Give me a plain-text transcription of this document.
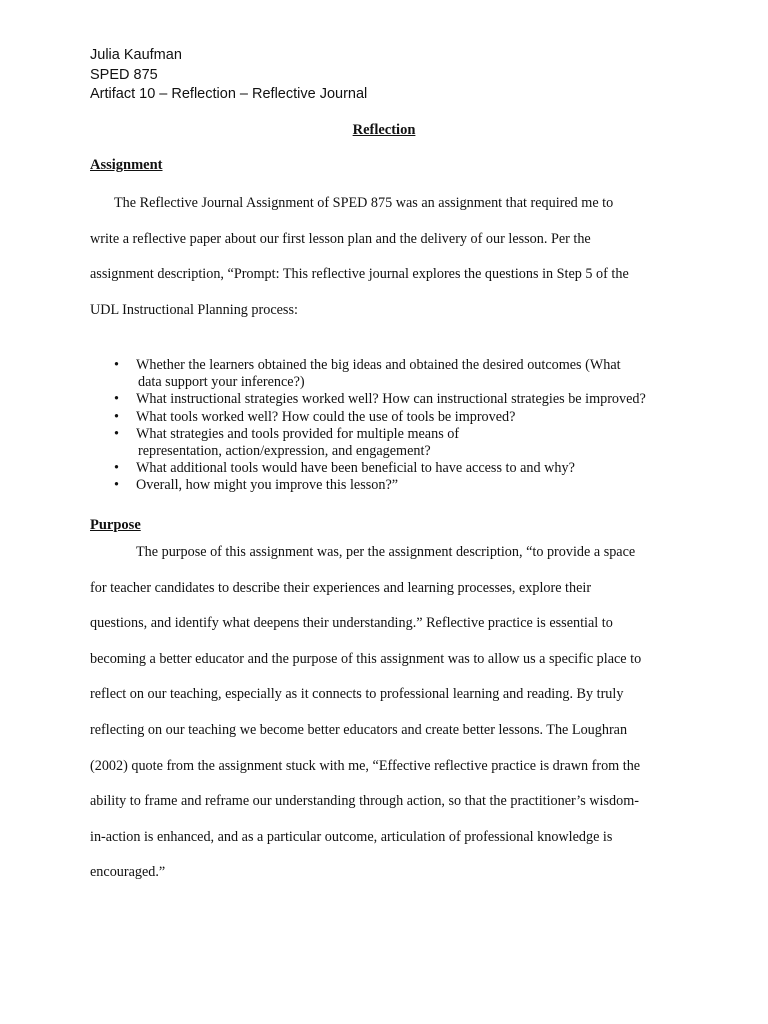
Julia Kaufman
SPED 875
Artifact 10 – Reflection – Reflective Journal
Reflection
Assignment
The Reflective Journal Assignment of SPED 875 was an assignment that required me to
write a reflective paper about our first lesson plan and the delivery of our lesson. Per the
assignment description, “Prompt: This reflective journal explores the questions in Step 5 of the
UDL Instructional Planning process:
• Whether the learners obtained the big ideas and obtained the desired outcomes (What
data support your inference?)
• What instructional strategies worked well? How can instructional strategies be improved?
• What tools worked well? How could the use of tools be improved?
• What strategies and tools provided for multiple means of
representation, action/expression, and engagement?
• What additional tools would have been beneficial to have access to and why?
• Overall, how might you improve this lesson?”
Purpose
The purpose of this assignment was, per the assignment description, “to provide a space
for teacher candidates to describe their experiences and learning processes, explore their
questions, and identify what deepens their understanding.” Reflective practice is essential to
becoming a better educator and the purpose of this assignment was to allow us a specific place to
reflect on our teaching, especially as it connects to professional learning and reading. By truly
reflecting on our teaching we become better educators and create better lessons. The Loughran
(2002) quote from the assignment stuck with me, “Effective reflective practice is drawn from the
ability to frame and reframe our understanding through action, so that the practitioner’s wisdom-
in-action is enhanced, and as a particular outcome, articulation of professional knowledge is
encouraged.”
